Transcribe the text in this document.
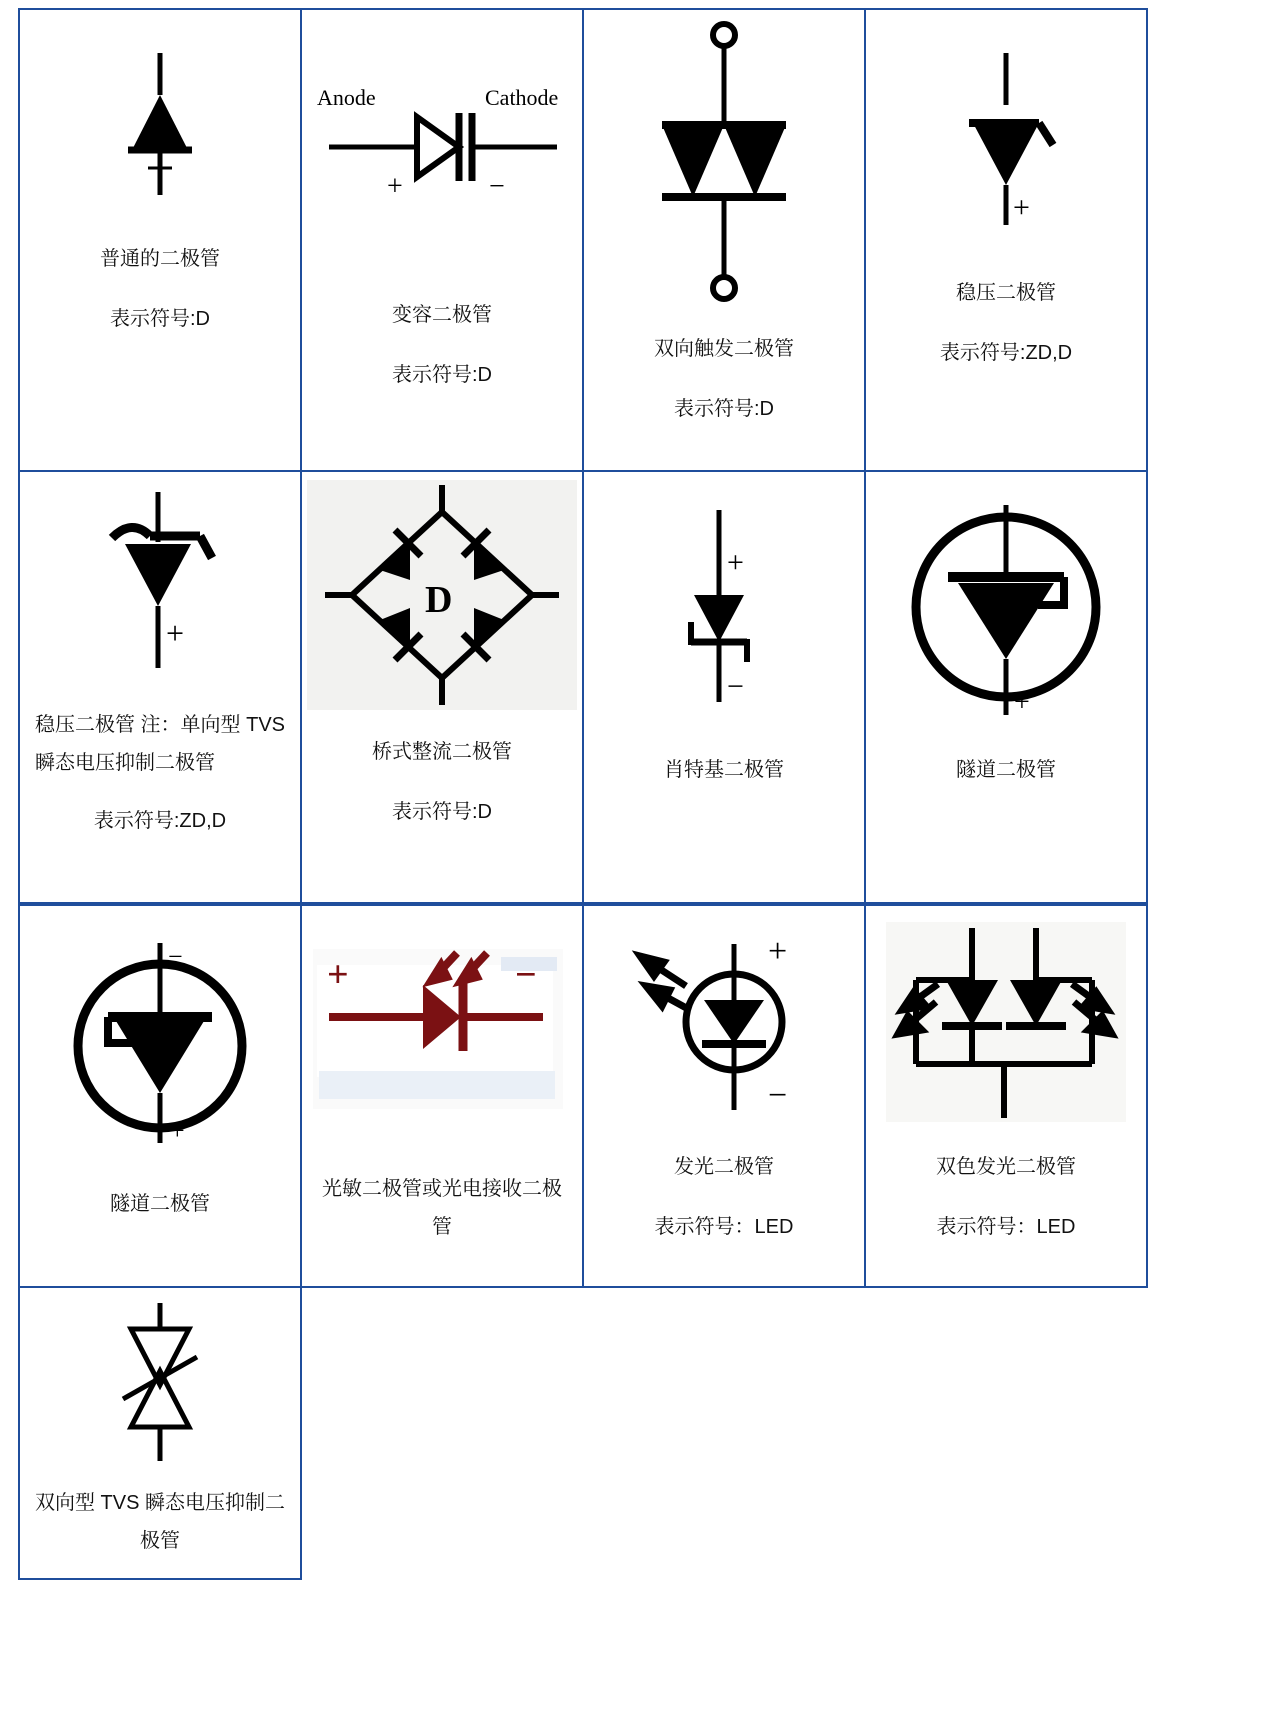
普通的二极管
表示符号:D

Anode	Cathode
+	−
变容二极管
表示符号:D

双向触发二极管
表示符号:D

+
稳压二极管
表示符号:ZD,D

+
稳压二极管 注：单向型 TVS
瞬态电压抑制二极管
表示符号:ZD,D

D
桥式整流二极管
表示符号:D

+
−
肖特基二极管

−
+
隧道二极管
−
+
隧道二极管

+	−
光敏二极管或光电接收二极
管

+
−
发光二极管
表示符号：LED

双色发光二极管
表示符号：LED

双向型 TVS 瞬态电压抑制二
极管			
